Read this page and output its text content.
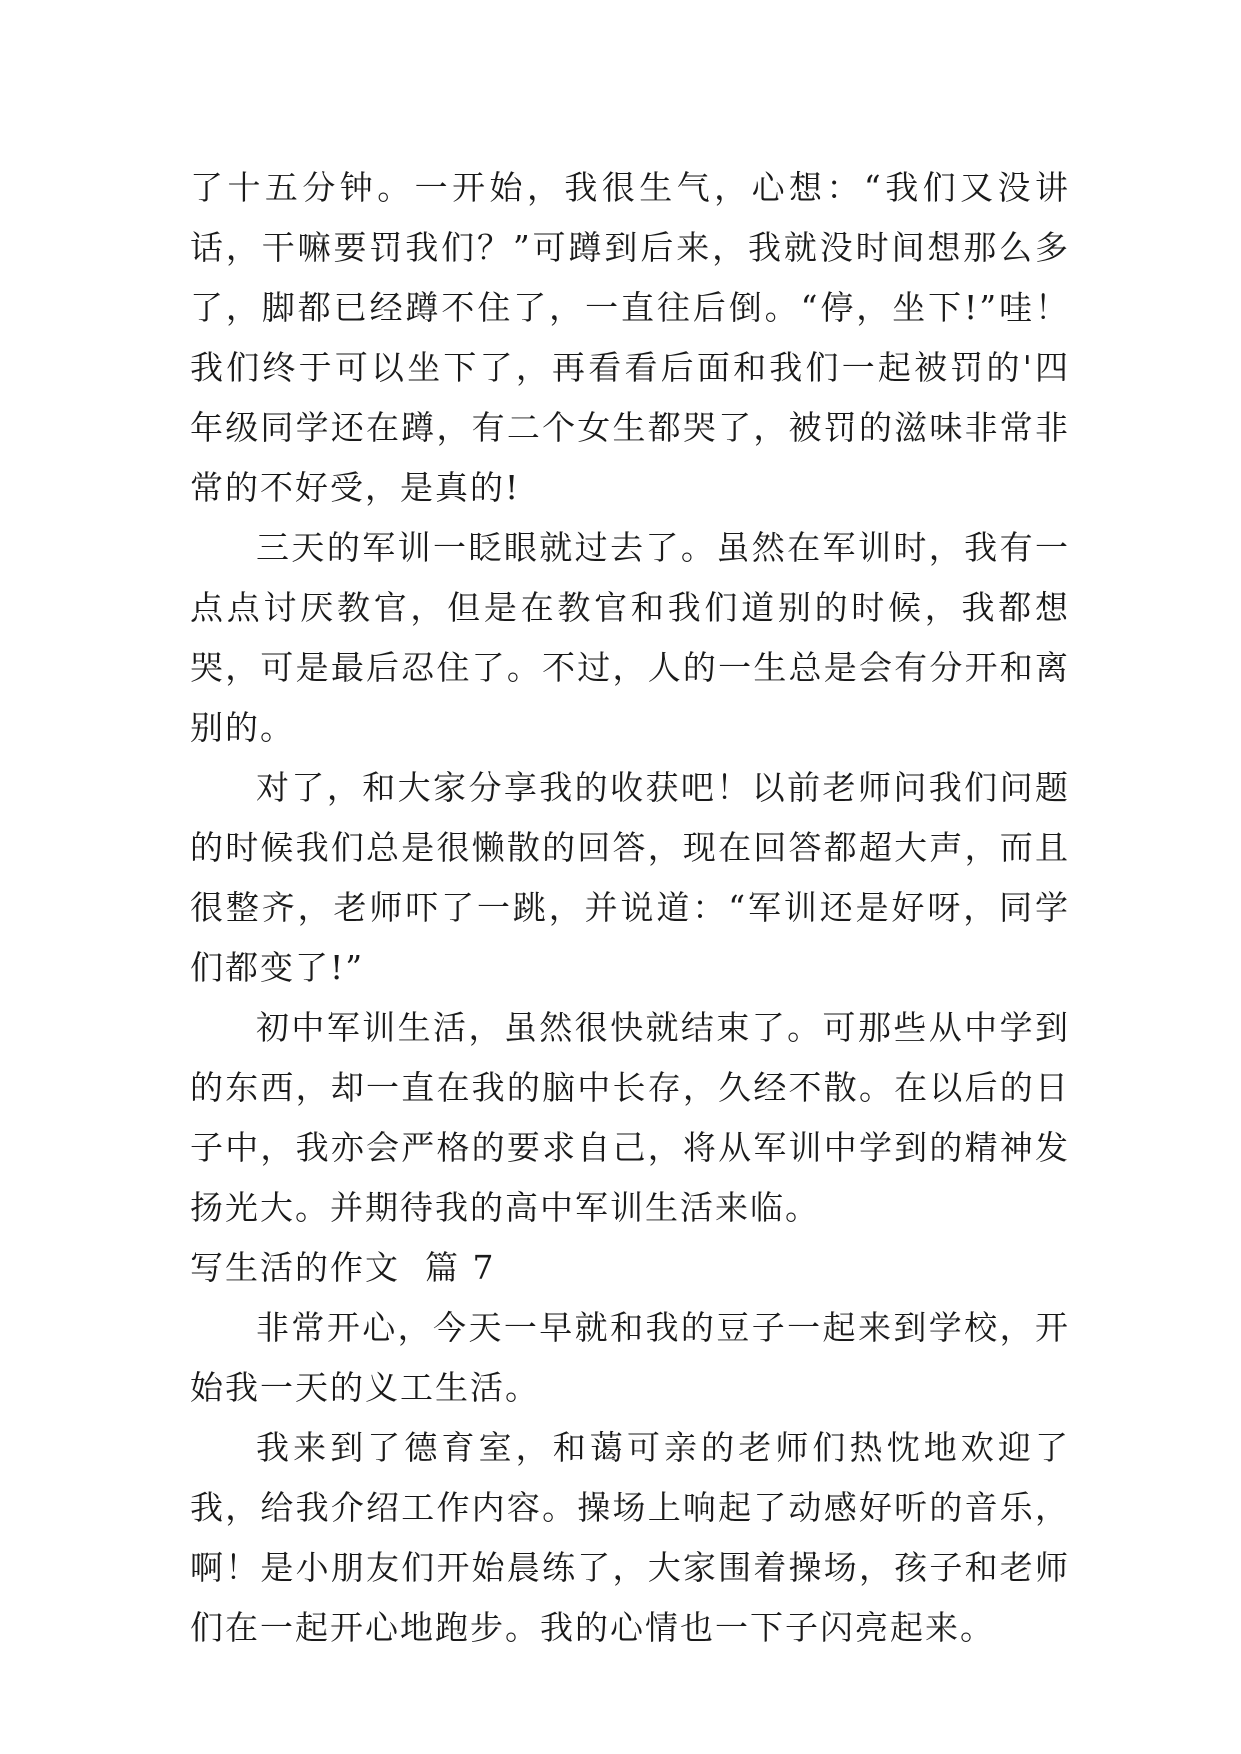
了十五分钟。一开始，我很生气，心想：“我们又没讲话，干嘛要罚我们？”可蹲到后来，我就没时间想那么多了，脚都已经蹲不住了，一直往后倒。“停，坐下!”哇！我们终于可以坐下了，再看看后面和我们一起被罚的'四年级同学还在蹲，有二个女生都哭了，被罚的滋味非常非常的不好受，是真的!

三天的军训一眨眼就过去了。虽然在军训时，我有一点点讨厌教官，但是在教官和我们道别的时候，我都想哭，可是最后忍住了。不过，人的一生总是会有分开和离别的。

对了，和大家分享我的收获吧！以前老师问我们问题的时候我们总是很懒散的回答，现在回答都超大声，而且很整齐，老师吓了一跳，并说道：“军训还是好呀，同学们都变了!”

初中军训生活，虽然很快就结束了。可那些从中学到的东西，却一直在我的脑中长存，久经不散。在以后的日子中，我亦会严格的要求自己，将从军训中学到的精神发扬光大。并期待我的高中军训生活来临。

写生活的作文  篇 7

非常开心，今天一早就和我的豆子一起来到学校，开始我一天的义工生活。

我来到了德育室，和蔼可亲的老师们热忱地欢迎了我，给我介绍工作内容。操场上响起了动感好听的音乐，啊！是小朋友们开始晨练了，大家围着操场，孩子和老师们在一起开心地跑步。我的心情也一下子闪亮起来。
